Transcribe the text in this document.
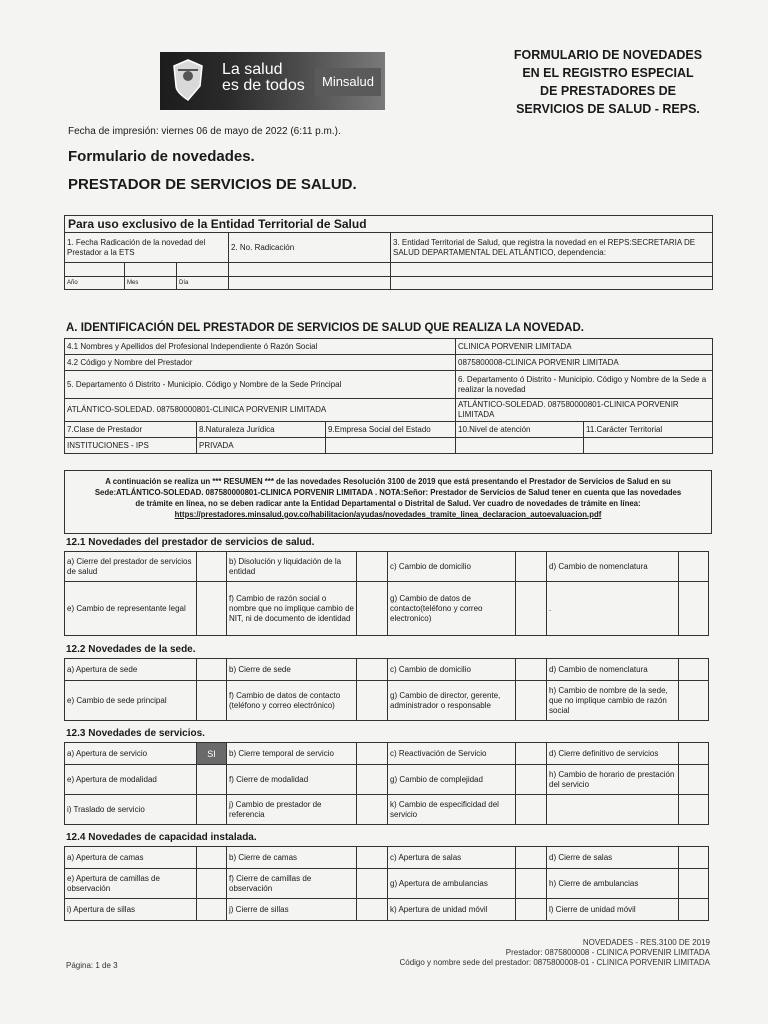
La salud
es de todos	Minsalud
FORMULARIO DE NOVEDADES
EN EL REGISTRO ESPECIAL
DE PRESTADORES DE
SERVICIOS DE SALUD - REPS.
Fecha de impresión: viernes 06 de mayo de 2022 (6:11 p.m.).
Formulario de novedades.
PRESTADOR DE SERVICIOS DE SALUD.
Para uso exclusivo de la Entidad Territorial de Salud				
1. Fecha Radicación de la novedad del Prestador a la ETS			2. No. Radicación	3. Entidad Territorial de Salud, que registra la novedad en el REPS:SECRETARIA DE SALUD DEPARTAMENTAL DEL ATLÁNTICO, dependencia:

Año	Mes	Día		
A. IDENTIFICACIÓN DEL PRESTADOR DE SERVICIOS DE SALUD QUE REALIZA LA NOVEDAD.
4.1 Nombres y Apellidos del Profesional Independiente ó Razón Social			CLINICA PORVENIR LIMITADA	
4.2 Código y Nombre del Prestador			0875800008-CLINICA PORVENIR LIMITADA	
5. Departamento ó Distrito - Municipio. Código y Nombre de la Sede Principal			6. Departamento ó Distrito - Municipio. Código y Nombre de la Sede a realizar la novedad	
ATLÁNTICO-SOLEDAD. 087580000801-CLINICA PORVENIR LIMITADA			ATLÁNTICO-SOLEDAD. 087580000801-CLINICA PORVENIR LIMITADA	
7.Clase de Prestador	8.Naturaleza Jurídica	9.Empresa Social del Estado	10.Nivel de atención	11.Carácter Territorial
INSTITUCIONES - IPS	PRIVADA			
A continuación se realiza un *** RESUMEN *** de las novedades Resolución 3100 de 2019 que está presentando el Prestador de Servicios de Salud en su
Sede:ATLÁNTICO-SOLEDAD. 087580000801-CLINICA PORVENIR LIMITADA . NOTA:Señor: Prestador de Servicios de Salud tener en cuenta que las novedades
de trámite en línea, no se deben radicar ante la Entidad Departamental o Distrital de Salud. Ver cuadro de novedades de trámite en línea:
https://prestadores.minsalud.gov.co/habilitacion/ayudas/novedades_tramite_linea_declaracion_autoevaluacion.pdf
12.1 Novedades del prestador de servicios de salud.
a) Cierre del prestador de servicios de salud		b) Disolución y liquidación de la entidad		c) Cambio de domicilio		d) Cambio de nomenclatura	
e) Cambio de representante legal		f) Cambio de razón social o nombre que no implique cambio de NIT, ni de documento de identidad		g) Cambio de datos de contacto(teléfono y correo electronico)		.	
12.2 Novedades de la sede.
a) Apertura de sede		b) Cierre de sede		c) Cambio de domicilio		d) Cambio de nomenclatura	
e) Cambio de sede principal		f) Cambio de datos de contacto (teléfono y correo electrónico)		g) Cambio de director, gerente, administrador o responsable		h) Cambio de nombre de la sede, que no implique cambio de razón social	
12.3 Novedades de servicios.
a) Apertura de servicio	SI	b) Cierre temporal de servicio		c) Reactivación de Servicio		d) Cierre definitivo de servicios	
e) Apertura de modalidad		f) Cierre de modalidad		g) Cambio de complejidad		h) Cambio de horario de prestación del servicio	
i) Traslado de servicio		j) Cambio de prestador de referencia		k) Cambio de especificidad del servicio			
12.4 Novedades de capacidad instalada.
a) Apertura de camas		b) Cierre de camas		c) Apertura de salas		d) Cierre de salas	
e) Apertura de camillas de observación		f) Cierre de camillas de observación		g) Apertura de ambulancias		h) Cierre de ambulancias	
i) Apertura de sillas		j) Cierre de sillas		k) Apertura de unidad móvil		l) Cierre de unidad móvil	
Página: 1 de 3
NOVEDADES - RES.3100 DE 2019
Prestador: 0875800008 - CLINICA PORVENIR LIMITADA
Código y nombre sede del prestador: 0875800008-01 - CLINICA PORVENIR LIMITADA
